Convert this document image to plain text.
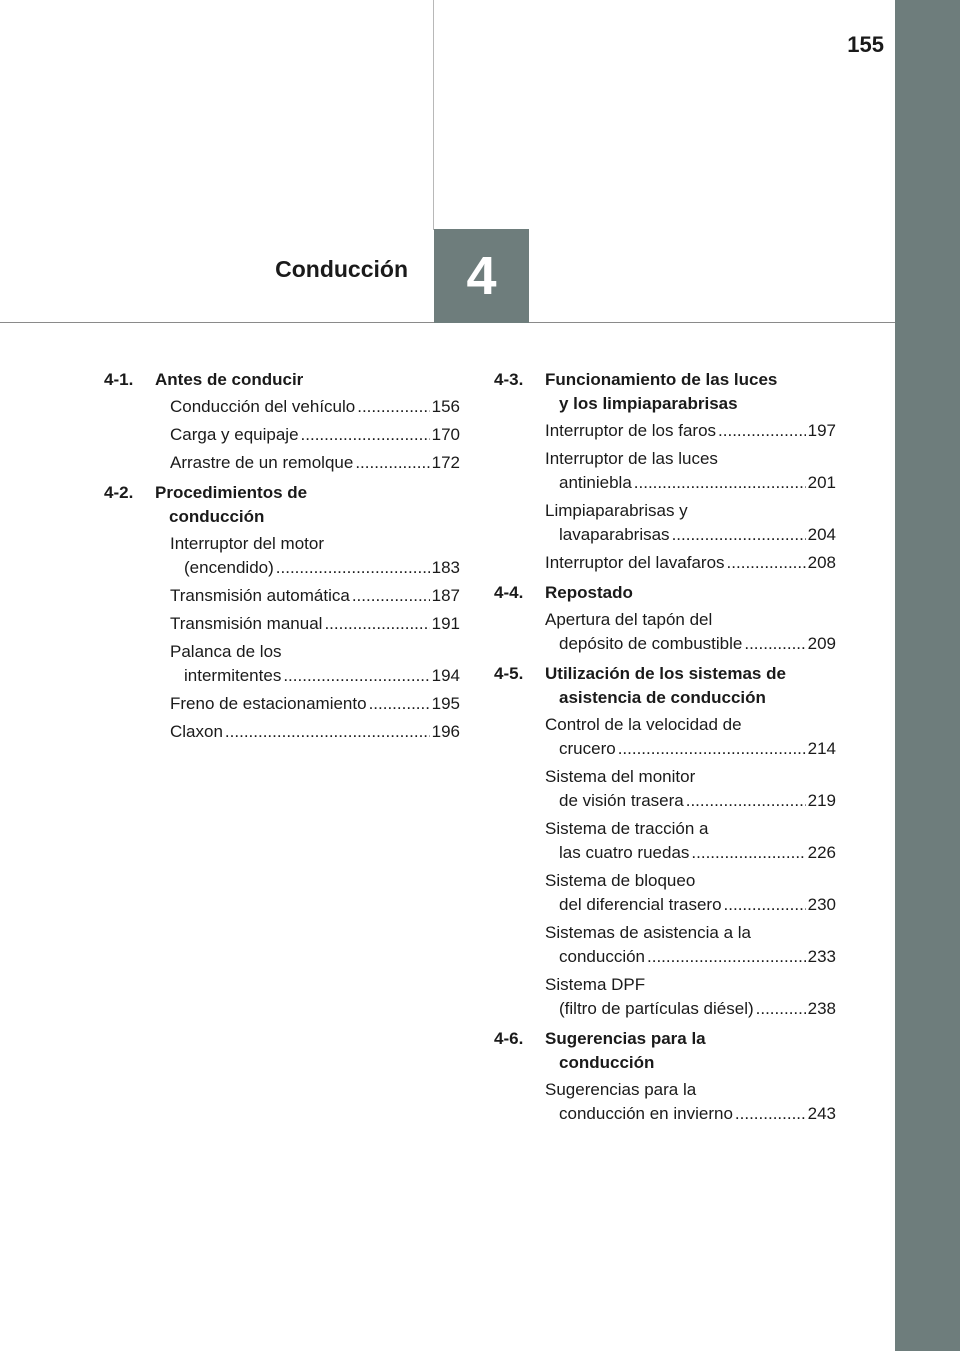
155
Conducción 4
4-1.	Antes de conducir
Conducción del vehículo .....	156
Carga y equipaje .....	170
Arrastre de un remolque .....	172
4-2.	Procedimientos de
conducción
Interruptor del motor
(encendido) .....	183
Transmisión automática .....	187
Transmisión manual .....	191
Palanca de los
intermitentes .....	194
Freno de estacionamiento .....	195
Claxon .....	196
4-3.	Funcionamiento de las luces
y los limpiaparabrisas
Interruptor de los faros .....	197
Interruptor de las luces
antiniebla .....	201
Limpiaparabrisas y
lavaparabrisas .....	204
Interruptor del lavafaros .....	208
4-4.	Repostado
Apertura del tapón del
depósito de combustible .....	209
4-5.	Utilización de los sistemas de
asistencia de conducción
Control de la velocidad de
crucero .....	214
Sistema del monitor
de visión trasera .....	219
Sistema de tracción a
las cuatro ruedas .....	226
Sistema de bloqueo
del diferencial trasero .....	230
Sistemas de asistencia a la
conducción .....	233
Sistema DPF
(filtro de partículas diésel) .....	238
4-6.	Sugerencias para la
conducción
Sugerencias para la
conducción en invierno .....	243
